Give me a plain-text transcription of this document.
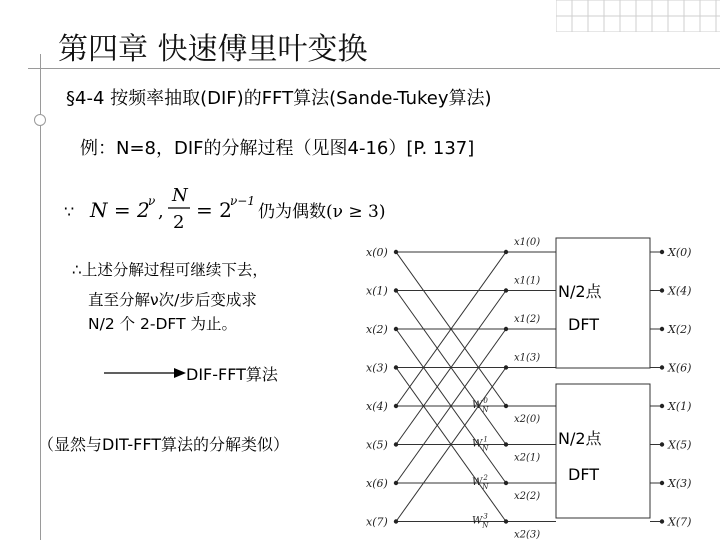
第四章 快速傅里叶变换
§4-4 按频率抽取(DIF)的FFT算法(Sande-Tukey算法)
例：N=8，DIF的分解过程（见图4-16）[P. 137]
∵ N = 2
ν ,
N
2
= 2
ν−1
仍为偶数(ν ≥ 3)
∴上述分解过程可继续下去，
直至分解ν次/步后变成求
N/2 个 2-DFT 为止。
DIF-FFT算法
（显然与DIT-FFT算法的分解类似）
x(0)
x(1)
x(2)
x(3)
x(4)
x(5)
x(6)
x(7)
x1(0)
x1(1)
x1(2)
x1(3)
x2(0)
x2(1)
x2(2)
x2(3)
$W_N0$
$W_N1$
$W_N2$
$W_N3$
X(0)
X(4)
X(2)
X(6)
X(1)
X(5)
X(3)
X(7)
N/2点
DFT
N/2点
DFT
